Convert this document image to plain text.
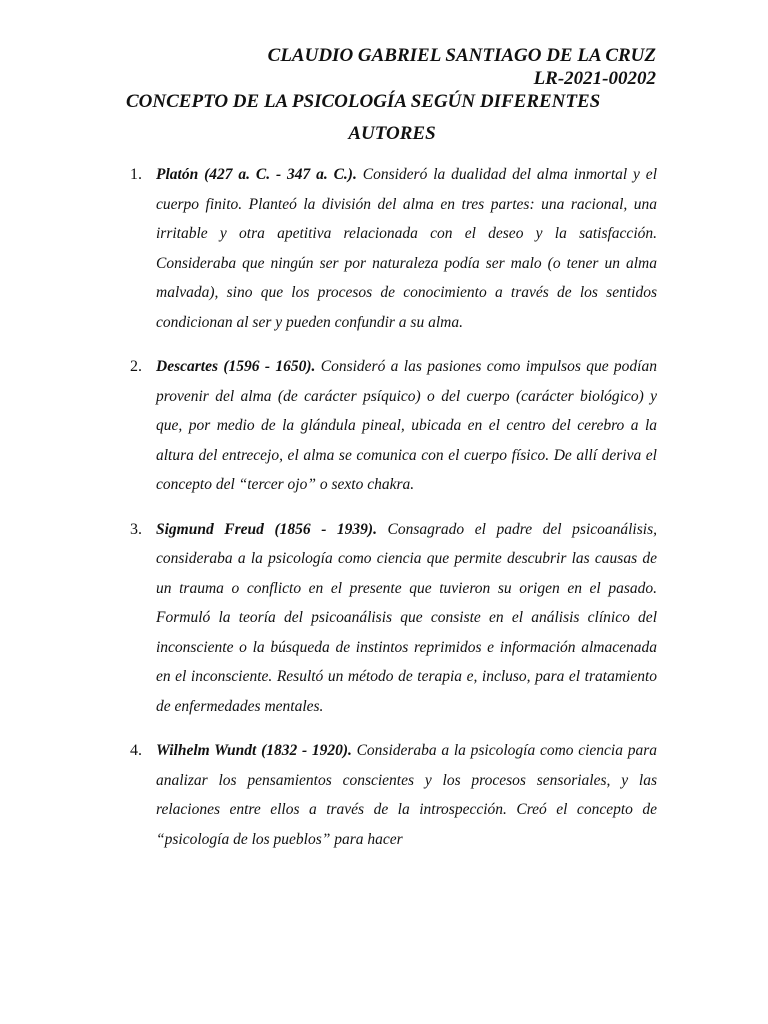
CLAUDIO GABRIEL SANTIAGO DE LA CRUZ
LR-2021-00202
CONCEPTO DE LA PSICOLOGÍA SEGÚN DIFERENTES
AUTORES
1. Platón (427 a. C. - 347 a. C.). Consideró la dualidad del alma inmortal y el cuerpo finito. Planteó la división del alma en tres partes: una racional, una irritable y otra apetitiva relacionada con el deseo y la satisfacción. Consideraba que ningún ser por naturaleza podía ser malo (o tener un alma malvada), sino que los procesos de conocimiento a través de los sentidos condicionan al ser y pueden confundir a su alma.

2. Descartes (1596 - 1650). Consideró a las pasiones como impulsos que podían provenir del alma (de carácter psíquico) o del cuerpo (carácter biológico) y que, por medio de la glándula pineal, ubicada en el centro del cerebro a la altura del entrecejo, el alma se comunica con el cuerpo físico. De allí deriva el concepto del “tercer ojo” o sexto chakra.

3. Sigmund Freud (1856 - 1939). Consagrado el padre del psicoanálisis, consideraba a la psicología como ciencia que permite descubrir las causas de un trauma o conflicto en el presente que tuvieron su origen en el pasado. Formuló la teoría del psicoanálisis que consiste en el análisis clínico del inconsciente o la búsqueda de instintos reprimidos e información almacenada en el inconsciente. Resultó un método de terapia e, incluso, para el tratamiento de enfermedades mentales.

4. Wilhelm Wundt (1832 - 1920). Consideraba a la psicología como ciencia para analizar los pensamientos conscientes y los procesos sensoriales, y las relaciones entre ellos a través de la introspección. Creó el concepto de “psicología de los pueblos” para hacer
